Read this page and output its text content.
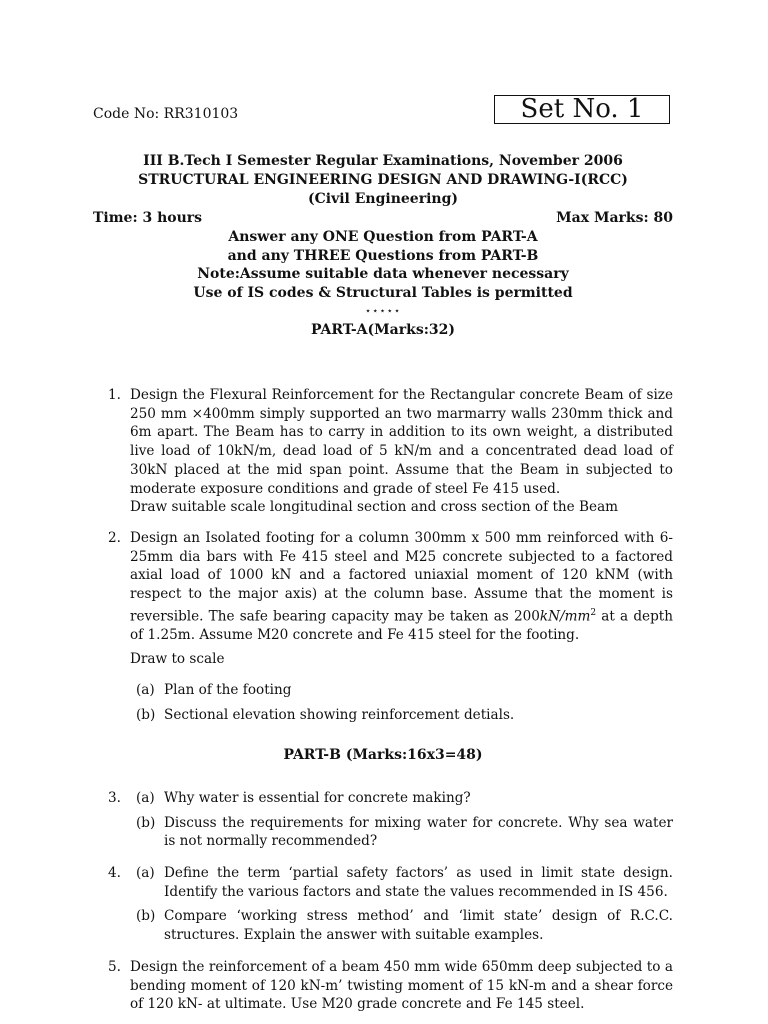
Code No: RR310103	Set No. 1
III B.Tech I Semester Regular Examinations, November 2006
STRUCTURAL ENGINEERING DESIGN AND DRAWING-I(RCC)
(Civil Engineering)
Time: 3 hours	Max Marks: 80
Answer any ONE Question from PART-A
and any THREE Questions from PART-B
Note:Assume suitable data whenever necessary
Use of IS codes & Structural Tables is permitted
⋆⋆⋆⋆⋆
PART-A(Marks:32)
1. Design the Flexural Reinforcement for the Rectangular concrete Beam of size 250 mm ×400mm simply supported an two marmarry walls 230mm thick and 6m apart. The Beam has to carry in addition to its own weight, a distributed live load of 10kN/m, dead load of 5 kN/m and a concentrated dead load of 30kN placed at the mid span point. Assume that the Beam in subjected to moderate exposure conditions and grade of steel Fe 415 used.

Draw suitable scale longitudinal section and cross section of the Beam

2. Design an Isolated footing for a column 300mm x 500 mm reinforced with 6-25mm dia bars with Fe 415 steel and M25 concrete subjected to a factored axial load of 1000 kN and a factored uniaxial moment of 120 kNM (with respect to the major axis) at the column base. Assume that the moment is reversible. The safe bearing capacity may be taken as $200kN/mm^2$ at a depth of 1.25m. Assume M20 concrete and Fe 415 steel for the footing.

Draw to scale

(a) Plan of the footing
(b) Sectional elevation showing reinforcement detials.
PART-B (Marks:16x3=48)
3. (a) Why water is essential for concrete making?
(b) Discuss the requirements for mixing water for concrete. Why sea water is not normally recommended?
4. (a) Define the term ‘partial safety factors’ as used in limit state design. Identify the various factors and state the values recommended in IS 456.
(b) Compare ‘working stress method’ and ‘limit state’ design of R.C.C. structures. Explain the answer with suitable examples.
5. Design the reinforcement of a beam 450 mm wide 650mm deep subjected to a bending moment of 120 kN-m’ twisting moment of 15 kN-m and a shear force of 120 kN- at ultimate. Use M20 grade concrete and Fe 145 steel.
